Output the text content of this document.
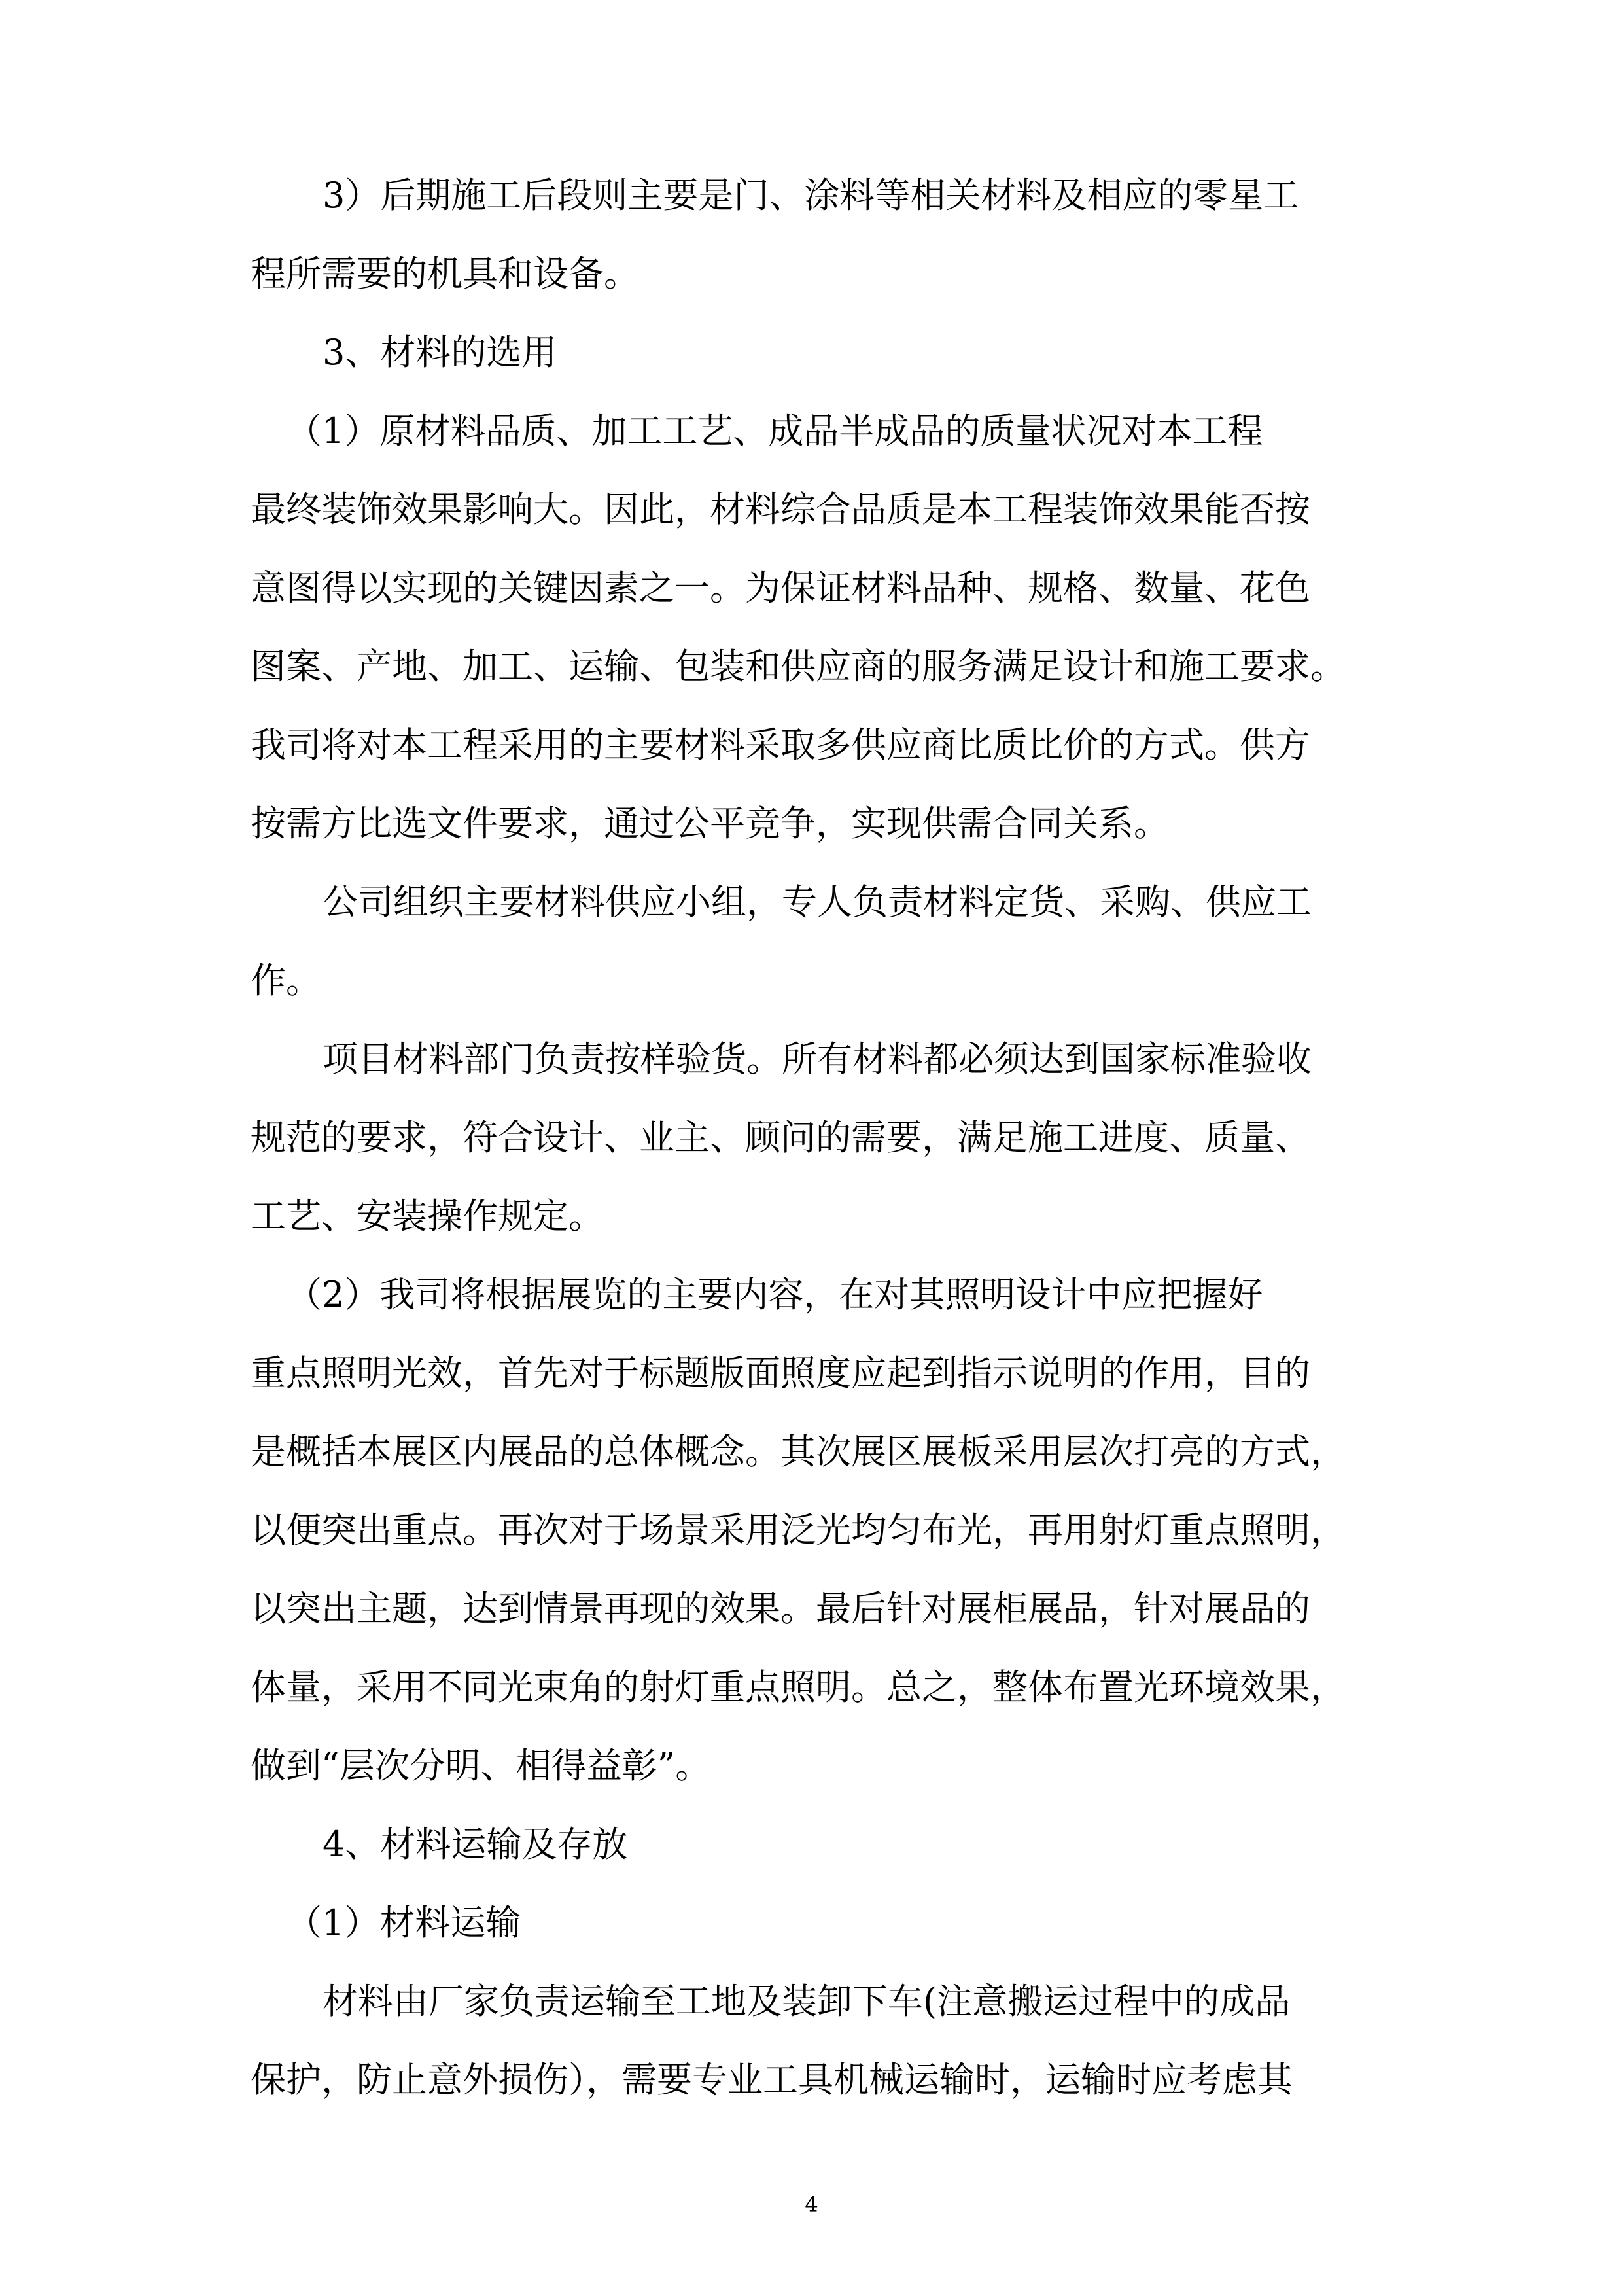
3）后期施工后段则主要是门、涂料等相关材料及相应的零星工
程所需要的机具和设备。
3、材料的选用
（1）原材料品质、加工工艺、成品半成品的质量状况对本工程
最终装饰效果影响大。因此，材料综合品质是本工程装饰效果能否按
意图得以实现的关键因素之一。为保证材料品种、规格、数量、花色
图案、产地、加工、运输、包装和供应商的服务满足设计和施工要求。
我司将对本工程采用的主要材料采取多供应商比质比价的方式。供方
按需方比选文件要求，通过公平竞争，实现供需合同关系。
公司组织主要材料供应小组，专人负责材料定货、采购、供应工
作。
项目材料部门负责按样验货。所有材料都必须达到国家标准验收
规范的要求，符合设计、业主、顾问的需要，满足施工进度、质量、
工艺、安装操作规定。
（2）我司将根据展览的主要内容，在对其照明设计中应把握好
重点照明光效，首先对于标题版面照度应起到指示说明的作用，目的
是概括本展区内展品的总体概念。其次展区展板采用层次打亮的方式，
以便突出重点。再次对于场景采用泛光均匀布光，再用射灯重点照明，
以突出主题，达到情景再现的效果。最后针对展柜展品，针对展品的
体量，采用不同光束角的射灯重点照明。总之，整体布置光环境效果，
做到“层次分明、相得益彰”。
4、材料运输及存放
（1）材料运输
材料由厂家负责运输至工地及装卸下车(注意搬运过程中的成品
保护，防止意外损伤），需要专业工具机械运输时，运输时应考虑其
4
